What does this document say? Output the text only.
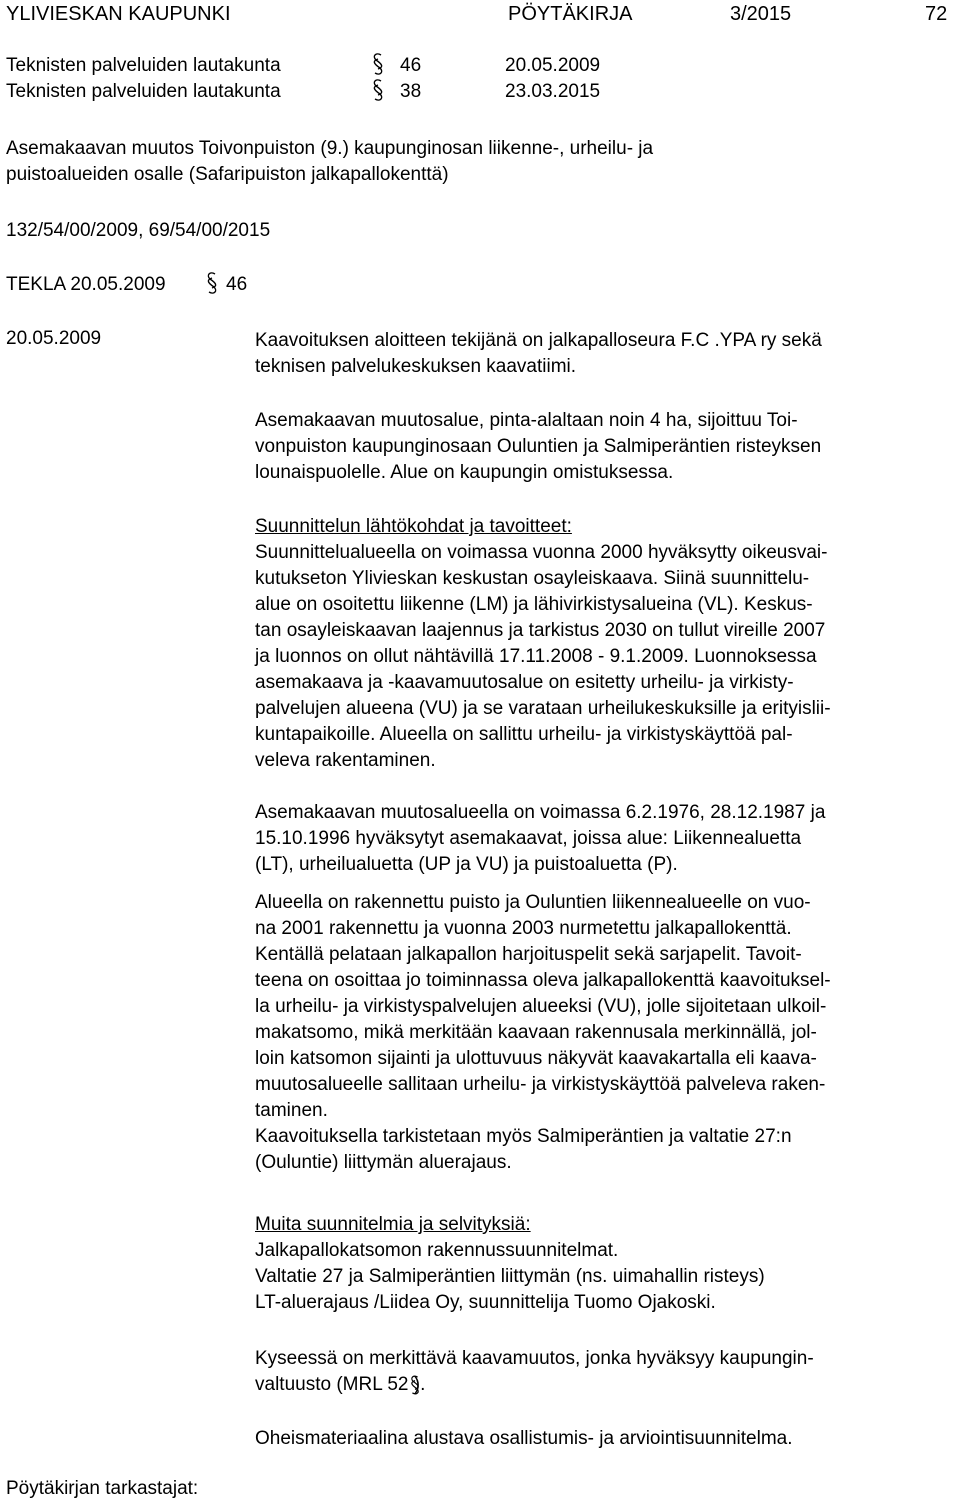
YLIVIESKAN KAUPUNKI	PÖYTÄKIRJA	3/2015	72
Teknisten palveluiden lautakunta	46	20.05.2009
Teknisten palveluiden lautakunta	38	23.03.2015
Asemakaavan muutos Toivonpuiston (9.) kaupunginosan liikenne-, urheilu- ja
puistoalueiden osalle (Safaripuiston jalkapallokenttä)
132/54/00/2009, 69/54/00/2015
TEKLA 20.05.2009	46
20.05.2009	Kaavoituksen aloitteen tekijänä on jalkapalloseura F.C .YPA ry sekä
teknisen palvelukeskuksen kaavatiimi.
Asemakaavan muutosalue, pinta-alaltaan noin 4 ha, sijoittuu Toi-
vonpuiston kaupunginosaan Ouluntien ja Salmiperäntien risteyksen
lounaispuolelle. Alue on kaupungin omistuksessa.
Suunnittelun lähtökohdat ja tavoitteet:
Suunnittelualueella on voimassa vuonna 2000 hyväksytty oikeusvai-
kutukseton Ylivieskan keskustan osayleiskaava. Siinä suunnittelu-
alue on osoitettu liikenne (LM) ja lähivirkistysalueina (VL). Keskus-
tan osayleiskaavan laajennus ja tarkistus 2030 on tullut vireille 2007
ja luonnos on ollut nähtävillä 17.11.2008 - 9.1.2009. Luonnoksessa
asemakaava ja -kaavamuutosalue on esitetty urheilu- ja virkisty-
palvelujen alueena (VU) ja se varataan urheilukeskuksille ja erityislii-
kuntapaikoille. Alueella on sallittu urheilu- ja virkistyskäyttöä pal-
veleva rakentaminen.
Asemakaavan muutosalueella on voimassa 6.2.1976, 28.12.1987 ja
15.10.1996 hyväksytyt asemakaavat, joissa alue: Liikennealuetta
(LT), urheilualuetta (UP ja VU) ja puistoaluetta (P).
Alueella on rakennettu puisto ja Ouluntien liikennealueelle on vuo-
na 2001 rakennettu ja vuonna 2003 nurmetettu jalkapallokenttä.
Kentällä pelataan jalkapallon harjoituspelit sekä sarjapelit. Tavoit-
teena on osoittaa jo toiminnassa oleva jalkapallokenttä kaavoituksel-
la urheilu- ja virkistyspalvelujen alueeksi (VU), jolle sijoitetaan ulkoil-
makatsomo, mikä merkitään kaavaan rakennusala merkinnällä, jol-
loin katsomon sijainti ja ulottuvuus näkyvät kaavakartalla eli kaava-
muutosalueelle sallitaan urheilu- ja virkistyskäyttöä palveleva raken-
taminen.
Kaavoituksella tarkistetaan myös Salmiperäntien ja valtatie 27:n
(Ouluntie) liittymän aluerajaus.
Muita suunnitelmia ja selvityksiä:
Jalkapallokatsomon rakennussuunnitelmat.
Valtatie 27 ja Salmiperäntien liittymän (ns. uimahallin risteys)
LT-aluerajaus /Liidea Oy, suunnittelija Tuomo Ojakoski.
Kyseessä on merkittävä kaavamuutos, jonka hyväksyy kaupungin-
valtuusto (MRL 52 ).
Oheismateriaalina alustava osallistumis- ja arviointisuunnitelma.
Pöytäkirjan tarkastajat:
